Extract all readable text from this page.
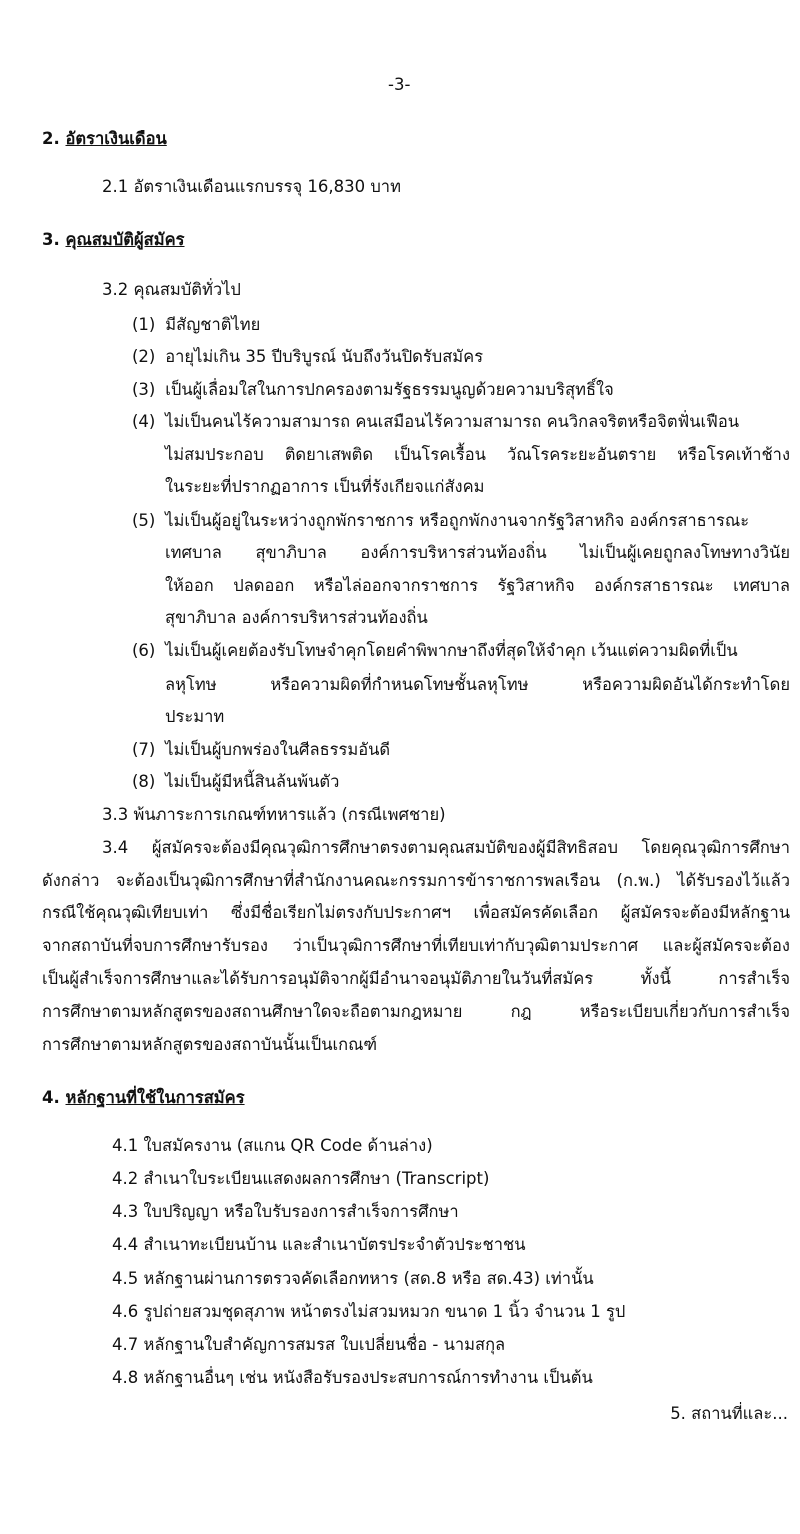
-3-
2. อัตราเงินเดือน
2.1 อัตราเงินเดือนแรกบรรจุ 16,830 บาท
3. คุณสมบัติผู้สมัคร
3.2 คุณสมบัติทั่วไป
(1) มีสัญชาติไทย
(2) อายุไม่เกิน 35 ปีบริบูรณ์ นับถึงวันปิดรับสมัคร
(3) เป็นผู้เลื่อมใสในการปกครองตามรัฐธรรมนูญด้วยความบริสุทธิ์ใจ
(4) ไม่เป็นคนไร้ความสามารถ คนเสมือนไร้ความสามารถ คนวิกลจริตหรือจิตฟั่นเฟือน
ไม่สมประกอบ ติดยาเสพติด เป็นโรคเรื้อน วัณโรคระยะอันตราย หรือโรคเท้าช้าง
ในระยะที่ปรากฏอาการ เป็นที่รังเกียจแก่สังคม
(5) ไม่เป็นผู้อยู่ในระหว่างถูกพักราชการ หรือถูกพักงานจากรัฐวิสาหกิจ องค์กรสาธารณะ
เทศบาล สุขาภิบาล องค์การบริหารส่วนท้องถิ่น ไม่เป็นผู้เคยถูกลงโทษทางวินัย
ให้ออก ปลดออก หรือไล่ออกจากราชการ รัฐวิสาหกิจ องค์กรสาธารณะ เทศบาล
สุขาภิบาล องค์การบริหารส่วนท้องถิ่น
(6) ไม่เป็นผู้เคยต้องรับโทษจำคุกโดยคำพิพากษาถึงที่สุดให้จำคุก เว้นแต่ความผิดที่เป็น
ลหุโทษ หรือความผิดที่กำหนดโทษชั้นลหุโทษ หรือความผิดอันได้กระทำโดย
ประมาท
(7) ไม่เป็นผู้บกพร่องในศีลธรรมอันดี
(8) ไม่เป็นผู้มีหนี้สินล้นพ้นตัว
3.3 พ้นภาระการเกณฑ์ทหารแล้ว (กรณีเพศชาย)
3.4 ผู้สมัครจะต้องมีคุณวุฒิการศึกษาตรงตามคุณสมบัติของผู้มีสิทธิสอบ โดยคุณวุฒิการศึกษา
ดังกล่าว จะต้องเป็นวุฒิการศึกษาที่สำนักงานคณะกรรมการข้าราชการพลเรือน (ก.พ.) ได้รับรองไว้แล้ว
กรณีใช้คุณวุฒิเทียบเท่า ซึ่งมีชื่อเรียกไม่ตรงกับประกาศฯ เพื่อสมัครคัดเลือก ผู้สมัครจะต้องมีหลักฐาน
จากสถาบันที่จบการศึกษารับรอง ว่าเป็นวุฒิการศึกษาที่เทียบเท่ากับวุฒิตามประกาศ และผู้สมัครจะต้อง
เป็นผู้สำเร็จการศึกษาและได้รับการอนุมัติจากผู้มีอำนาจอนุมัติภายในวันที่สมัคร ทั้งนี้ การสำเร็จ
การศึกษาตามหลักสูตรของสถานศึกษาใดจะถือตามกฎหมาย กฎ หรือระเบียบเกี่ยวกับการสำเร็จ
การศึกษาตามหลักสูตรของสถาบันนั้นเป็นเกณฑ์
4. หลักฐานที่ใช้ในการสมัคร
4.1 ใบสมัครงาน (สแกน QR Code ด้านล่าง)
4.2 สำเนาใบระเบียนแสดงผลการศึกษา (Transcript)
4.3 ใบปริญญา หรือใบรับรองการสำเร็จการศึกษา
4.4 สำเนาทะเบียนบ้าน และสำเนาบัตรประจำตัวประชาชน
4.5 หลักฐานผ่านการตรวจคัดเลือกทหาร (สด.8 หรือ สด.43) เท่านั้น
4.6 รูปถ่ายสวมชุดสุภาพ หน้าตรงไม่สวมหมวก ขนาด 1 นิ้ว จำนวน 1 รูป
4.7 หลักฐานใบสำคัญการสมรส ใบเปลี่ยนชื่อ - นามสกุล
4.8 หลักฐานอื่นๆ เช่น หนังสือรับรองประสบการณ์การทำงาน เป็นต้น
5. สถานที่และ...
